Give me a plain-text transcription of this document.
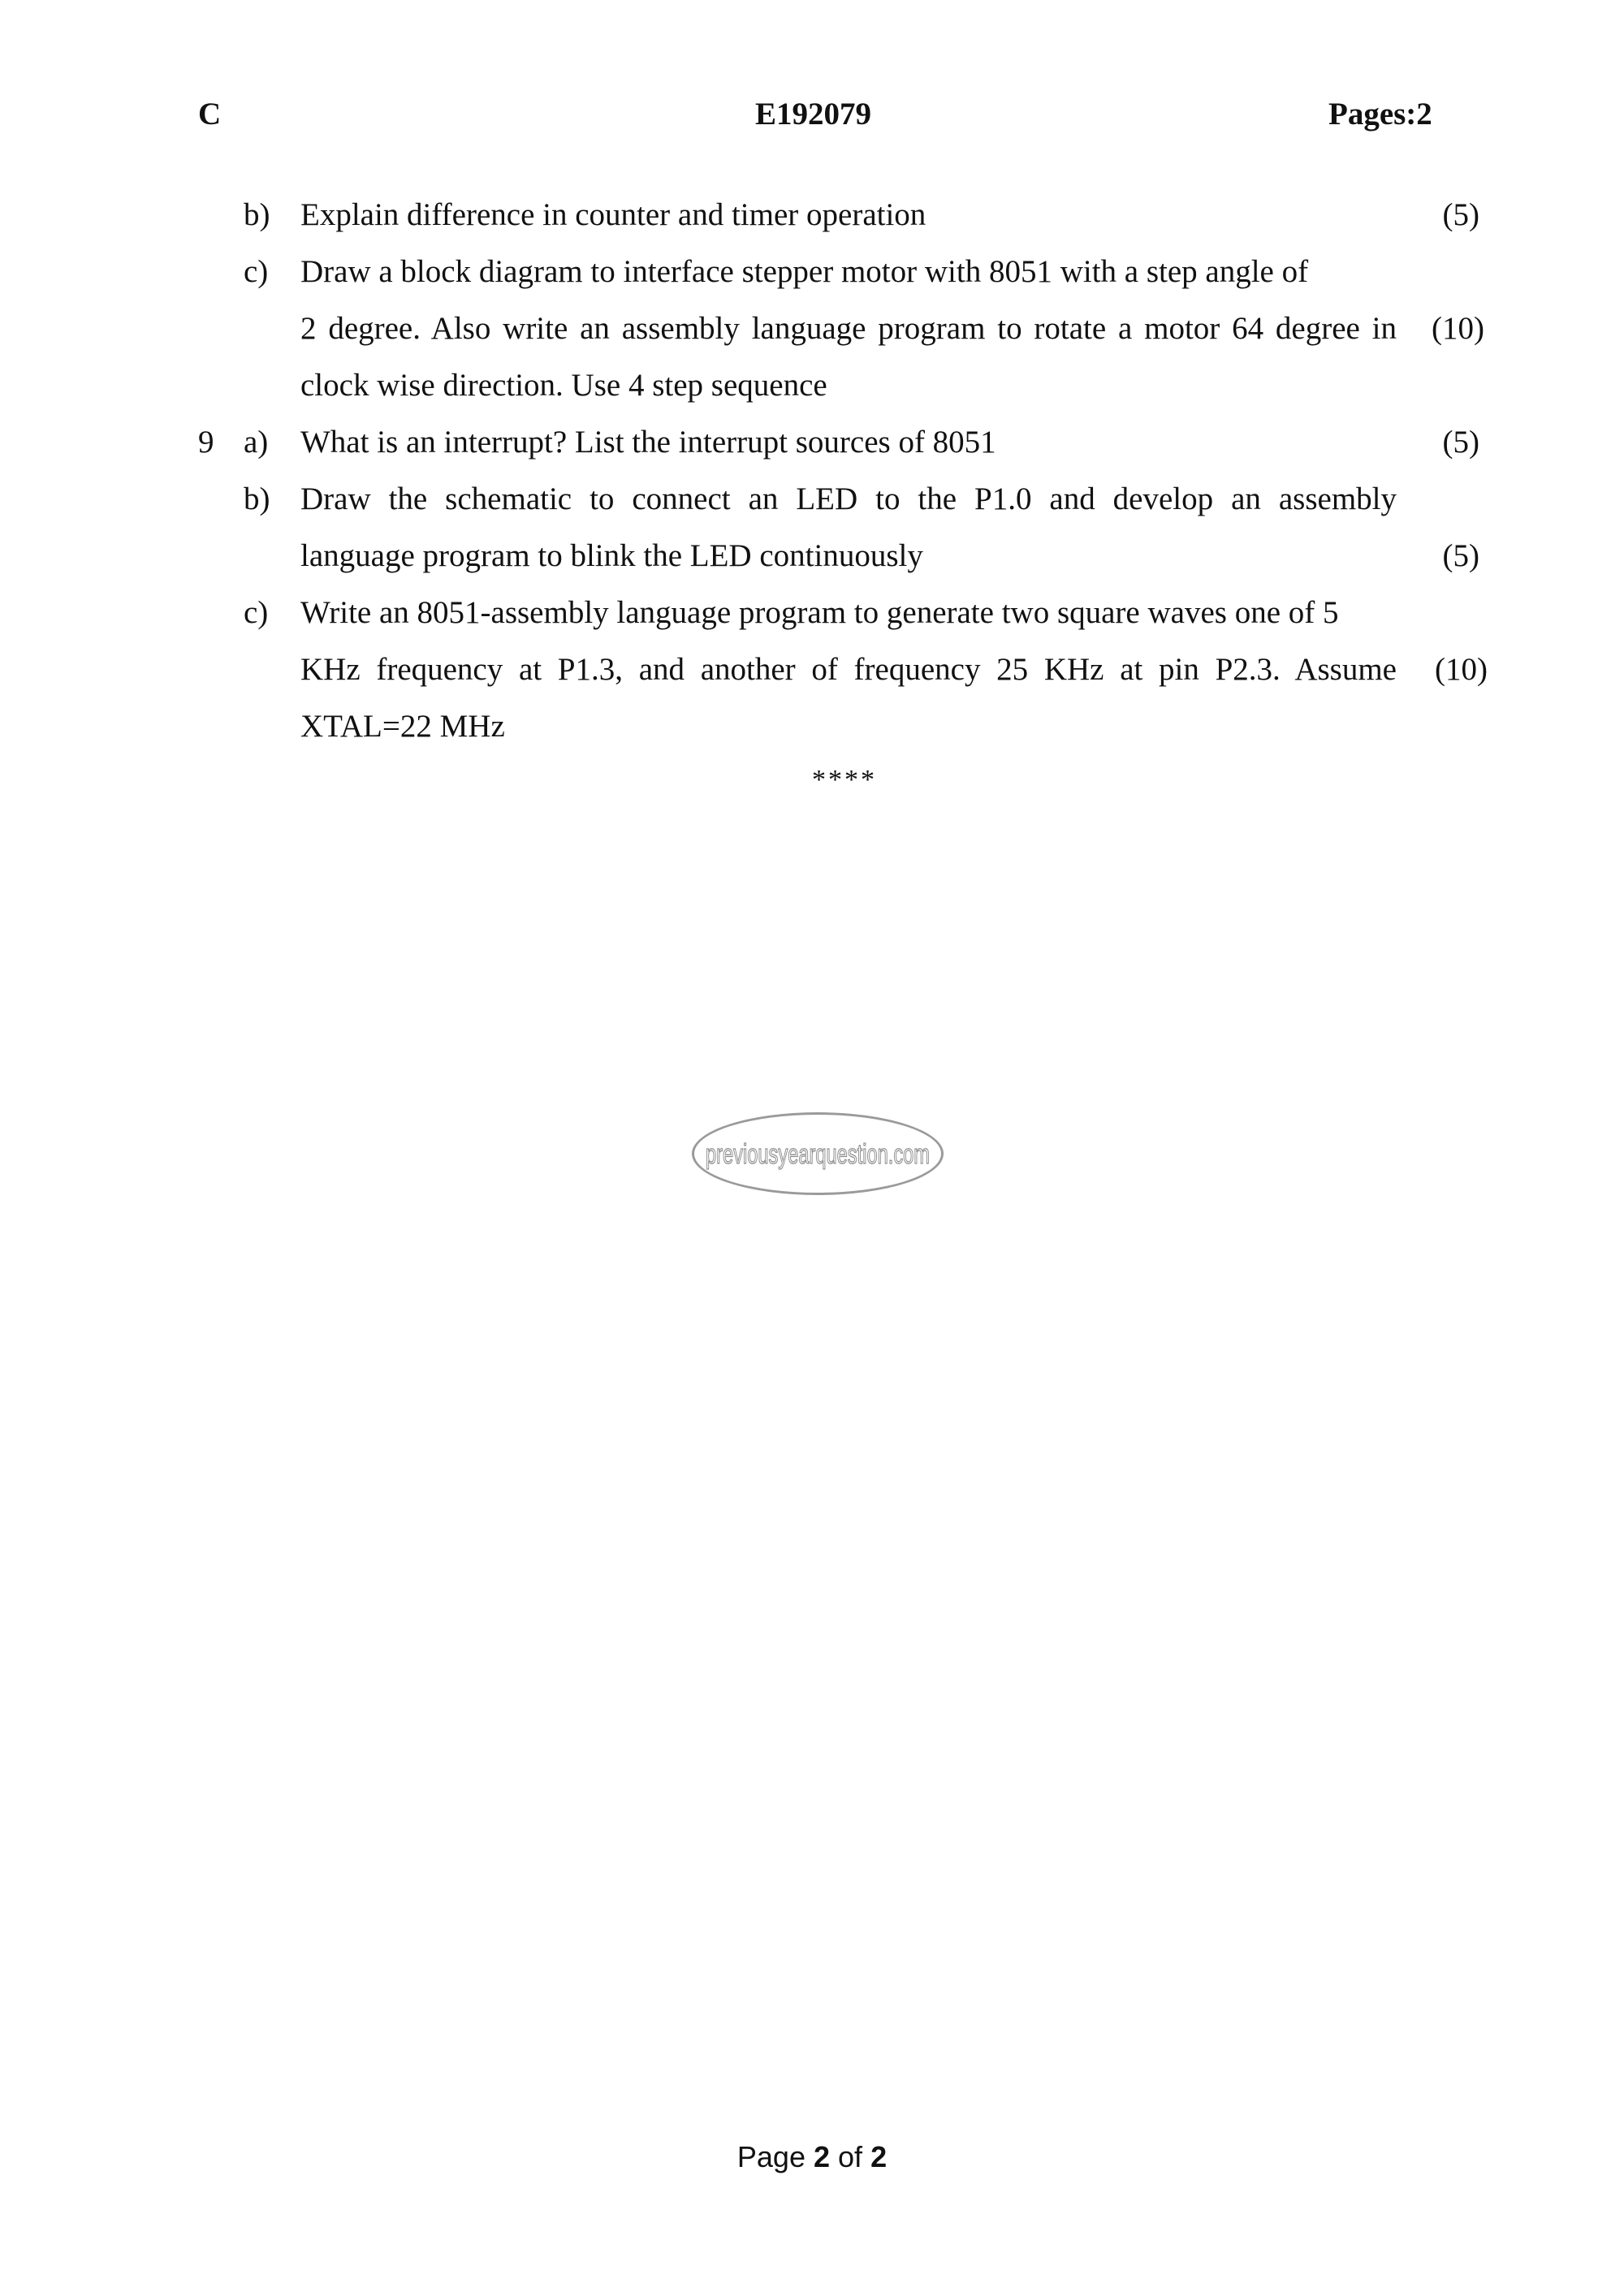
C	E192079	Pages:2
b) Explain difference in counter and timer operation	(5)
c) Draw a block diagram to interface stepper motor with 8051 with a step angle of
2 degree. Also write an assembly language program to rotate a motor 64 degree in
clock wise direction. Use 4 step sequence
(10)
9 a) What is an interrupt? List the interrupt sources of 8051	(5)
b) Draw the schematic to connect an LED to the P1.0 and develop an assembly
language program to blink the LED continuously	(5)
c) Write an 8051-assembly language program to generate two square waves one of 5
KHz frequency at P1.3, and another of frequency 25 KHz at pin P2.3. Assume
XTAL=22 MHz
(10)
****
previousyearquestion.com
Page 2 of 2
